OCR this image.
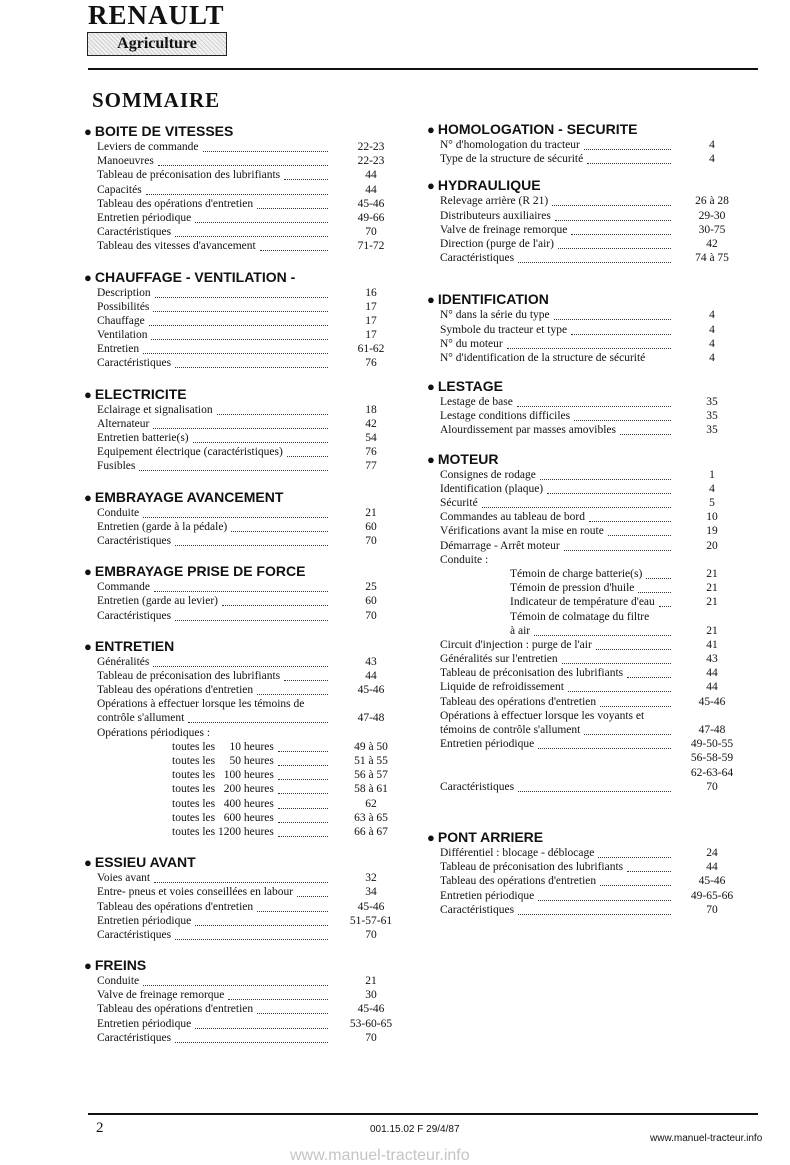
RENAULT
Agriculture
SOMMAIRE
● BOITE DE VITESSES
Leviers de commande	22-23
Manoeuvres	22-23
Tableau de préconisation des lubrifiants	44
Capacités	44
Tableau des opérations d'entretien	45-46
Entretien périodique	49-66
Caractéristiques	70
Tableau des vitesses d'avancement	71-72
● CHAUFFAGE - VENTILATION -
Description	16
Possibilités	17
Chauffage	17
Ventilation	17
Entretien	61-62
Caractéristiques	76
● ELECTRICITE
Eclairage et signalisation	18
Alternateur	42
Entretien batterie(s)	54
Equipement électrique (caractéristiques)	76
Fusibles	77
● EMBRAYAGE AVANCEMENT
Conduite	21
Entretien (garde à la pédale)	60
Caractéristiques	70
● EMBRAYAGE PRISE DE FORCE
Commande	25
Entretien (garde au levier)	60
Caractéristiques	70
● ENTRETIEN
Généralités	43
Tableau de préconisation des lubrifiants	44
Tableau des opérations d'entretien	45-46
Opérations à effectuer lorsque les témoins de
contrôle s'allument	47-48
Opérations périodiques :
toutes les     10 heures	49 à 50
toutes les     50 heures	51 à 55
toutes les   100 heures	56 à 57
toutes les   200 heures	58 à 61
toutes les   400 heures	62
toutes les   600 heures	63 à 65
toutes les 1200 heures	66 à 67
● ESSIEU AVANT
Voies avant	32
Entre- pneus et voies conseillées en labour	34
Tableau des opérations d'entretien	45-46
Entretien périodique	51-57-61
Caractéristiques	70
● FREINS
Conduite	21
Valve de freinage remorque	30
Tableau des opérations d'entretien	45-46
Entretien périodique	53-60-65
Caractéristiques	70
● HOMOLOGATION - SECURITE
N° d'homologation du tracteur	4
Type de la structure de sécurité	4
● HYDRAULIQUE
Relevage arrière (R 21)	26 à 28
Distributeurs auxiliaires	29-30
Valve de freinage remorque	30-75
Direction (purge de l'air)	42
Caractéristiques	74 à 75
● IDENTIFICATION
N° dans la série du type	4
Symbole du tracteur et type	4
N° du moteur	4
N° d'identification de la structure de sécurité	4
● LESTAGE
Lestage de base	35
Lestage conditions difficiles	35
Alourdissement par masses amovibles	35
● MOTEUR
Consignes de rodage	1
Identification (plaque)	4
Sécurité	5
Commandes au tableau de bord	10
Vérifications avant la mise en route	19
Démarrage - Arrêt moteur	20
Conduite :
Témoin de charge batterie(s)	21
Témoin de pression d'huile	21
Indicateur de température d'eau	21
Témoin de colmatage du filtre
à air	21
Circuit d'injection : purge de l'air	41
Généralités sur l'entretien	43
Tableau de préconisation des lubrifiants	44
Liquide de refroidissement	44
Tableau des opérations d'entretien	45-46
Opérations à effectuer lorsque les voyants et
témoins de contrôle s'allument	47-48
Entretien périodique	49-50-55
56-58-59
62-63-64
Caractéristiques	70
● PONT ARRIERE
Différentiel : blocage - déblocage	24
Tableau de préconisation des lubrifiants	44
Tableau des opérations d'entretien	45-46
Entretien périodique	49-65-66
Caractéristiques	70
2	001.15.02 F 29/4/87
www.manuel-tracteur.info
www.manuel-tracteur.info
